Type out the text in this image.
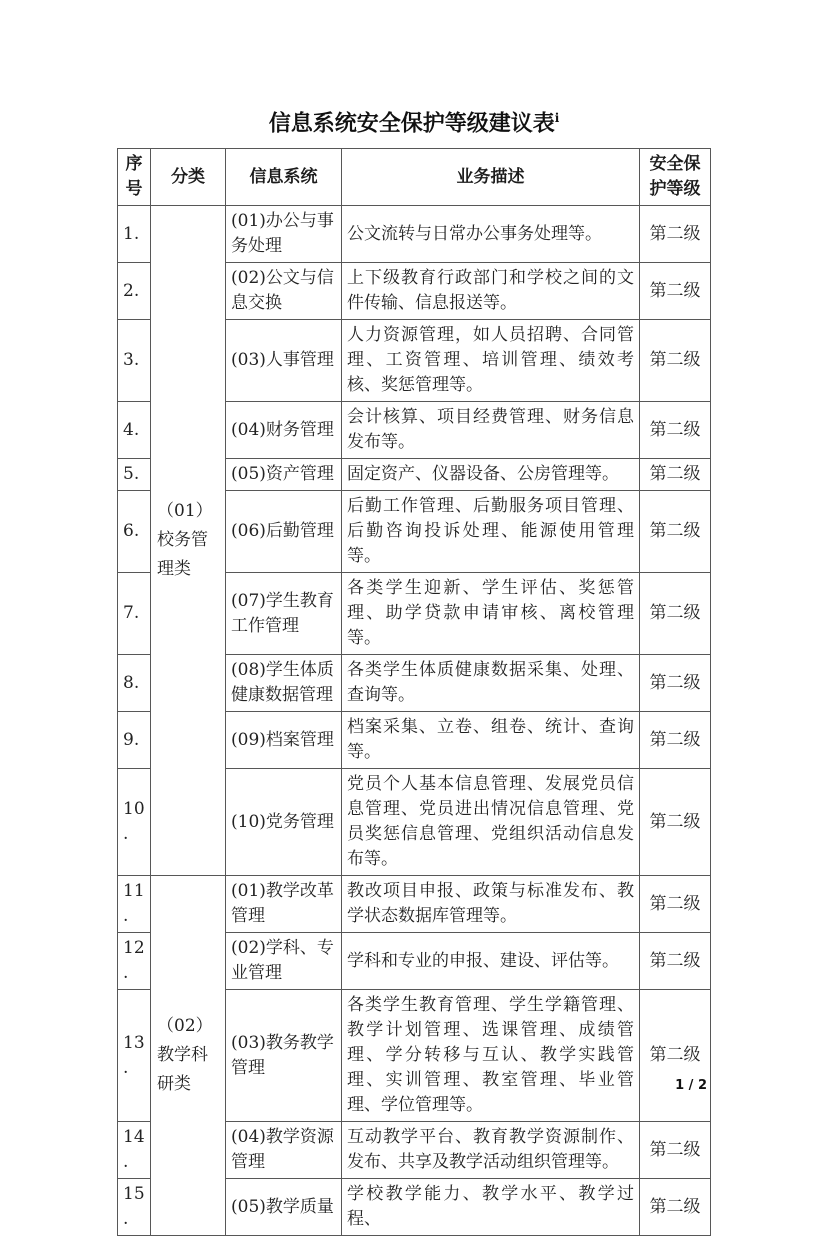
信息系统安全保护等级建议表$^i$
序号	分类	信息系统	业务描述	安全保护等级
1.	（01）校务管理类	(01)办公与事务处理	公文流转与日常办公事务处理等。	第二级
2.		(02)公文与信息交换	上下级教育行政部门和学校之间的文件传输、信息报送等。	第二级
3.		(03)人事管理	人力资源管理，如人员招聘、合同管理、工资管理、培训管理、绩效考核、奖惩管理等。	第二级
4.		(04)财务管理	会计核算、项目经费管理、财务信息发布等。	第二级
5.		(05)资产管理	固定资产、仪器设备、公房管理等。	第二级
6.		(06)后勤管理	后勤工作管理、后勤服务项目管理、后勤咨询投诉处理、能源使用管理等。	第二级
7.		(07)学生教育工作管理	各类学生迎新、学生评估、奖惩管理、助学贷款申请审核、离校管理等。	第二级
8.		(08)学生体质健康数据管理	各类学生体质健康数据采集、处理、查询等。	第二级
9.		(09)档案管理	档案采集、立卷、组卷、统计、查询等。	第二级
10.		(10)党务管理	党员个人基本信息管理、发展党员信息管理、党员进出情况信息管理、党员奖惩信息管理、党组织活动信息发布等。	第二级
11.	（02）教学科研类	(01)教学改革管理	教改项目申报、政策与标准发布、教学状态数据库管理等。	第二级
12.		(02)学科、专业管理	学科和专业的申报、建设、评估等。	第二级
13.		(03)教务教学管理	各类学生教育管理、学生学籍管理、教学计划管理、选课管理、成绩管理、学分转移与互认、教学实践管理、实训管理、教室管理、毕业管理、学位管理等。	第二级
14.		(04)教学资源管理	互动教学平台、教育教学资源制作、发布、共享及教学活动组织管理等。	第二级
15.		(05)教学质量	学校教学能力、教学水平、教学过程、	第二级
1 / 2
